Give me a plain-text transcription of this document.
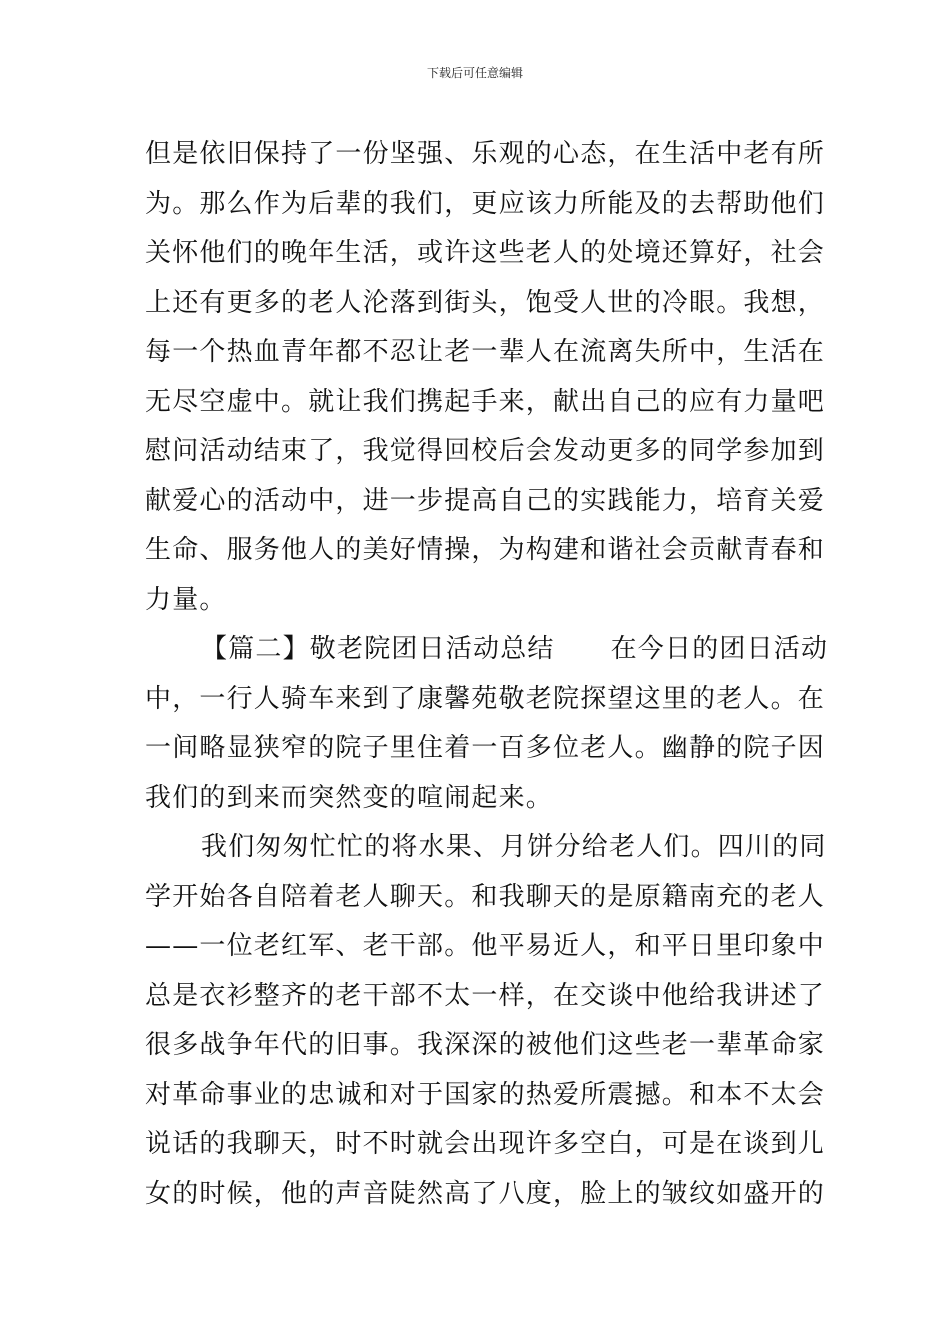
下载后可任意编辑
但是依旧保持了一份坚强、乐观的心态，在生活中老有所
为。那么作为后辈的我们，更应该力所能及的去帮助他们
关怀他们的晚年生活，或许这些老人的处境还算好，社会
上还有更多的老人沦落到街头，饱受人世的冷眼。我想，
每一个热血青年都不忍让老一辈人在流离失所中，生活在
无尽空虚中。就让我们携起手来，献出自己的应有力量吧
慰问活动结束了，我觉得回校后会发动更多的同学参加到
献爱心的活动中，进一步提高自己的实践能力，培育关爱
生命、服务他人的美好情操，为构建和谐社会贡献青春和
力量。
【篇二】敬老院团日活动总结 在今日的团日活动
中，一行人骑车来到了康馨苑敬老院探望这里的老人。在
一间略显狭窄的院子里住着一百多位老人。幽静的院子因
我们的到来而突然变的喧闹起来。
我们匆匆忙忙的将水果、月饼分给老人们。四川的同
学开始各自陪着老人聊天。和我聊天的是原籍南充的老人
——一位老红军、老干部。他平易近人，和平日里印象中
总是衣衫整齐的老干部不太一样，在交谈中他给我讲述了
很多战争年代的旧事。我深深的被他们这些老一辈革命家
对革命事业的忠诚和对于国家的热爱所震撼。和本不太会
说话的我聊天，时不时就会出现许多空白，可是在谈到儿
女的时候，他的声音陡然高了八度，脸上的皱纹如盛开的
